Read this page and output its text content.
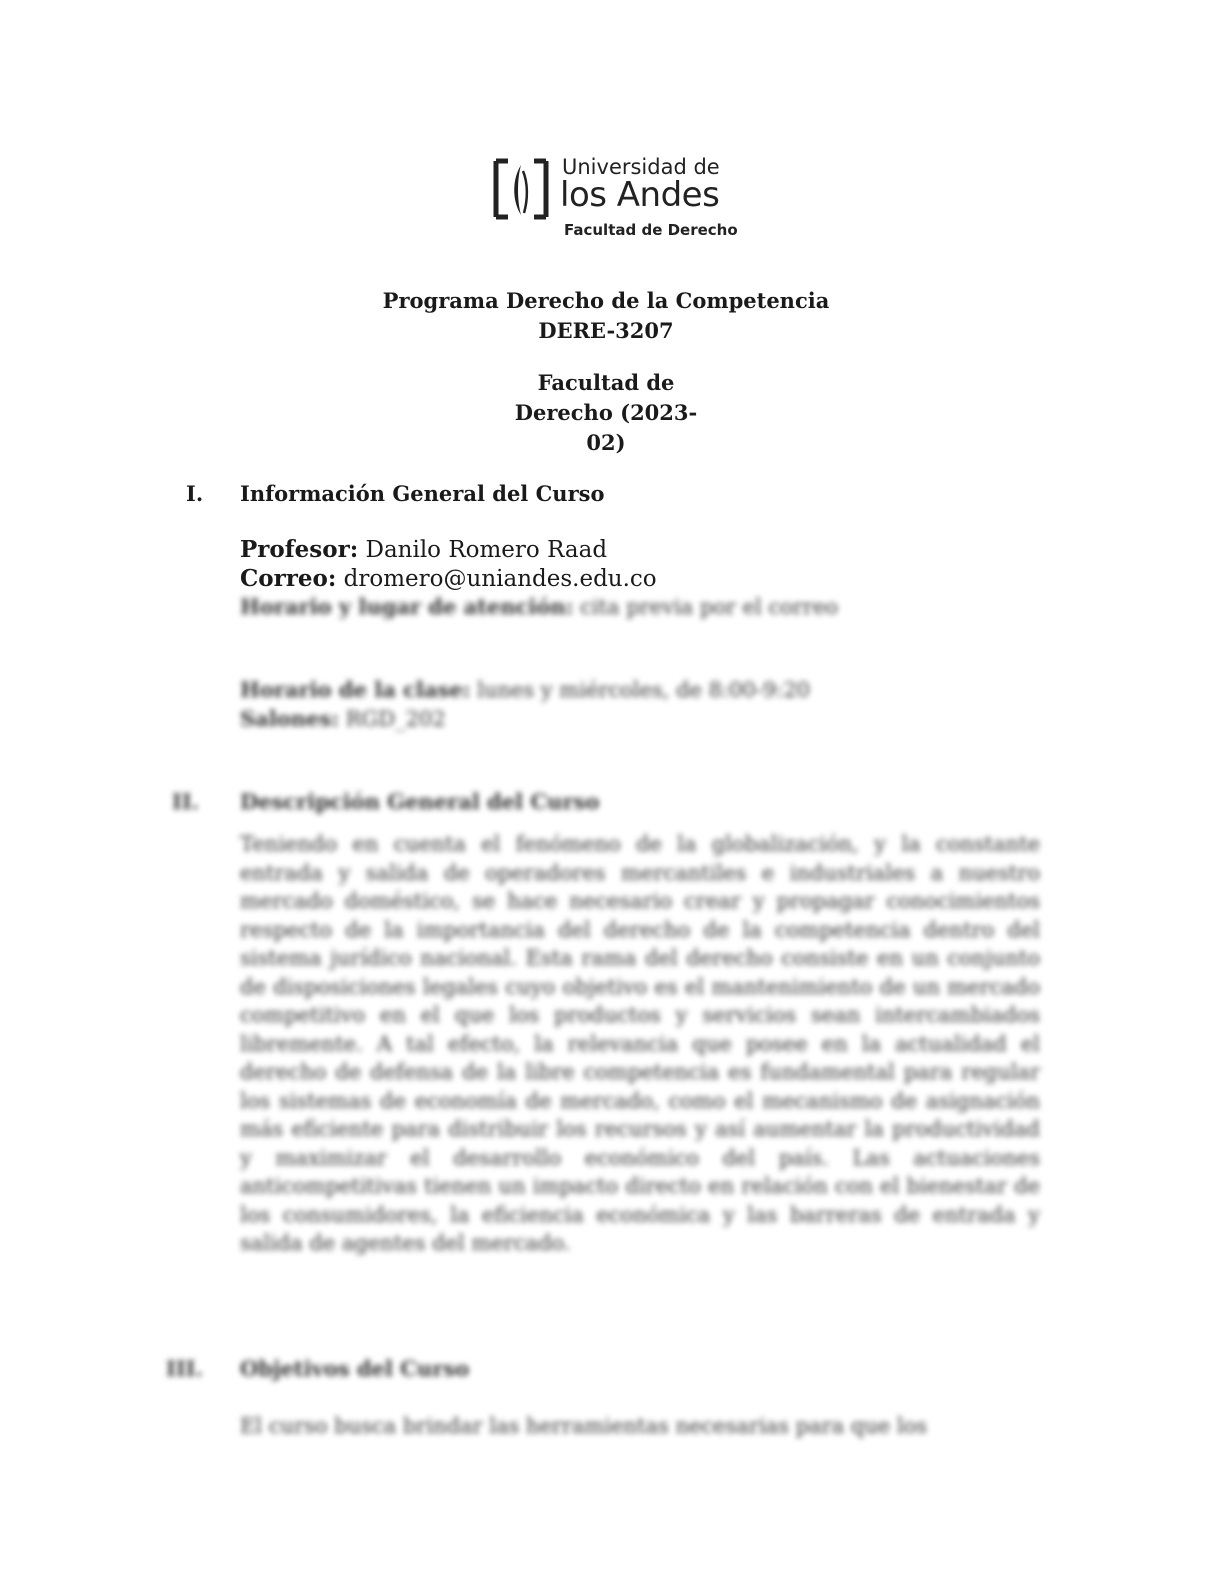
Universidad de
los Andes
Facultad de Derecho
Programa Derecho de la Competencia
DERE-3207
Facultad de
Derecho (2023-
02)
I. Información General del Curso
Profesor: Danilo Romero Raad
Correo: dromero@uniandes.edu.co
Horario y lugar de atención: cita previa por el correo
Horario de la clase: lunes y miércoles, de 8:00-9:20
Salones: RGD_202
II. Descripción General del Curso
Teniendo en cuenta el fenómeno de la globalización, y la constante entrada y salida de operadores mercantiles e industriales a nuestro mercado doméstico, se hace necesario crear y propagar conocimientos respecto de la importancia del derecho de la competencia dentro del sistema jurídico nacional. Esta rama del derecho consiste en un conjunto de disposiciones legales cuyo objetivo es el mantenimiento de un mercado competitivo en el que los productos y servicios sean intercambiados libremente. A tal efecto, la relevancia que posee en la actualidad el derecho de defensa de la libre competencia es fundamental para regular los sistemas de economía de mercado, como el mecanismo de asignación más eficiente para distribuir los recursos y así aumentar la productividad y maximizar el desarrollo económico del país. Las actuaciones anticompetitivas tienen un impacto directo en relación con el bienestar de los consumidores, la eficiencia económica y las barreras de entrada y salida de agentes del mercado.
III. Objetivos del Curso
El curso busca brindar las herramientas necesarias para que los
